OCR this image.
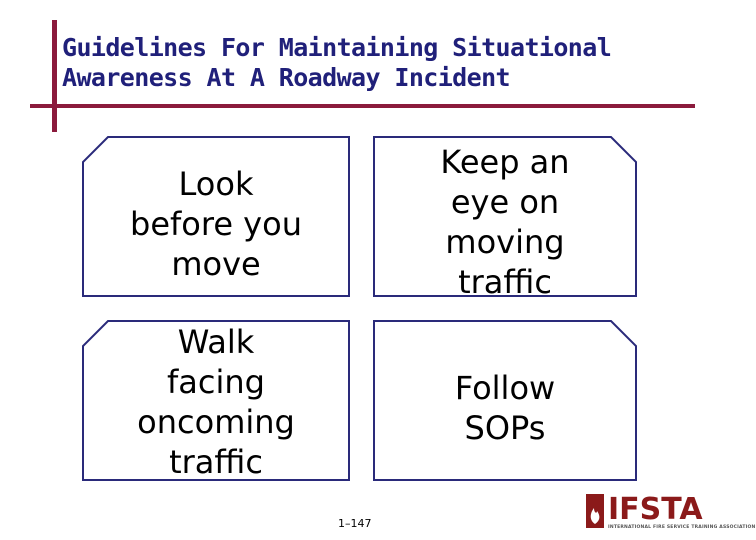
Guidelines For Maintaining Situational
Awareness At A Roadway Incident
Look
before you
move
Keep an
eye on
moving
traffic
Walk
facing
oncoming
traffic
Follow
SOPs
1–147	IFSTA
INTERNATIONAL FIRE SERVICE TRAINING ASSOCIATION
